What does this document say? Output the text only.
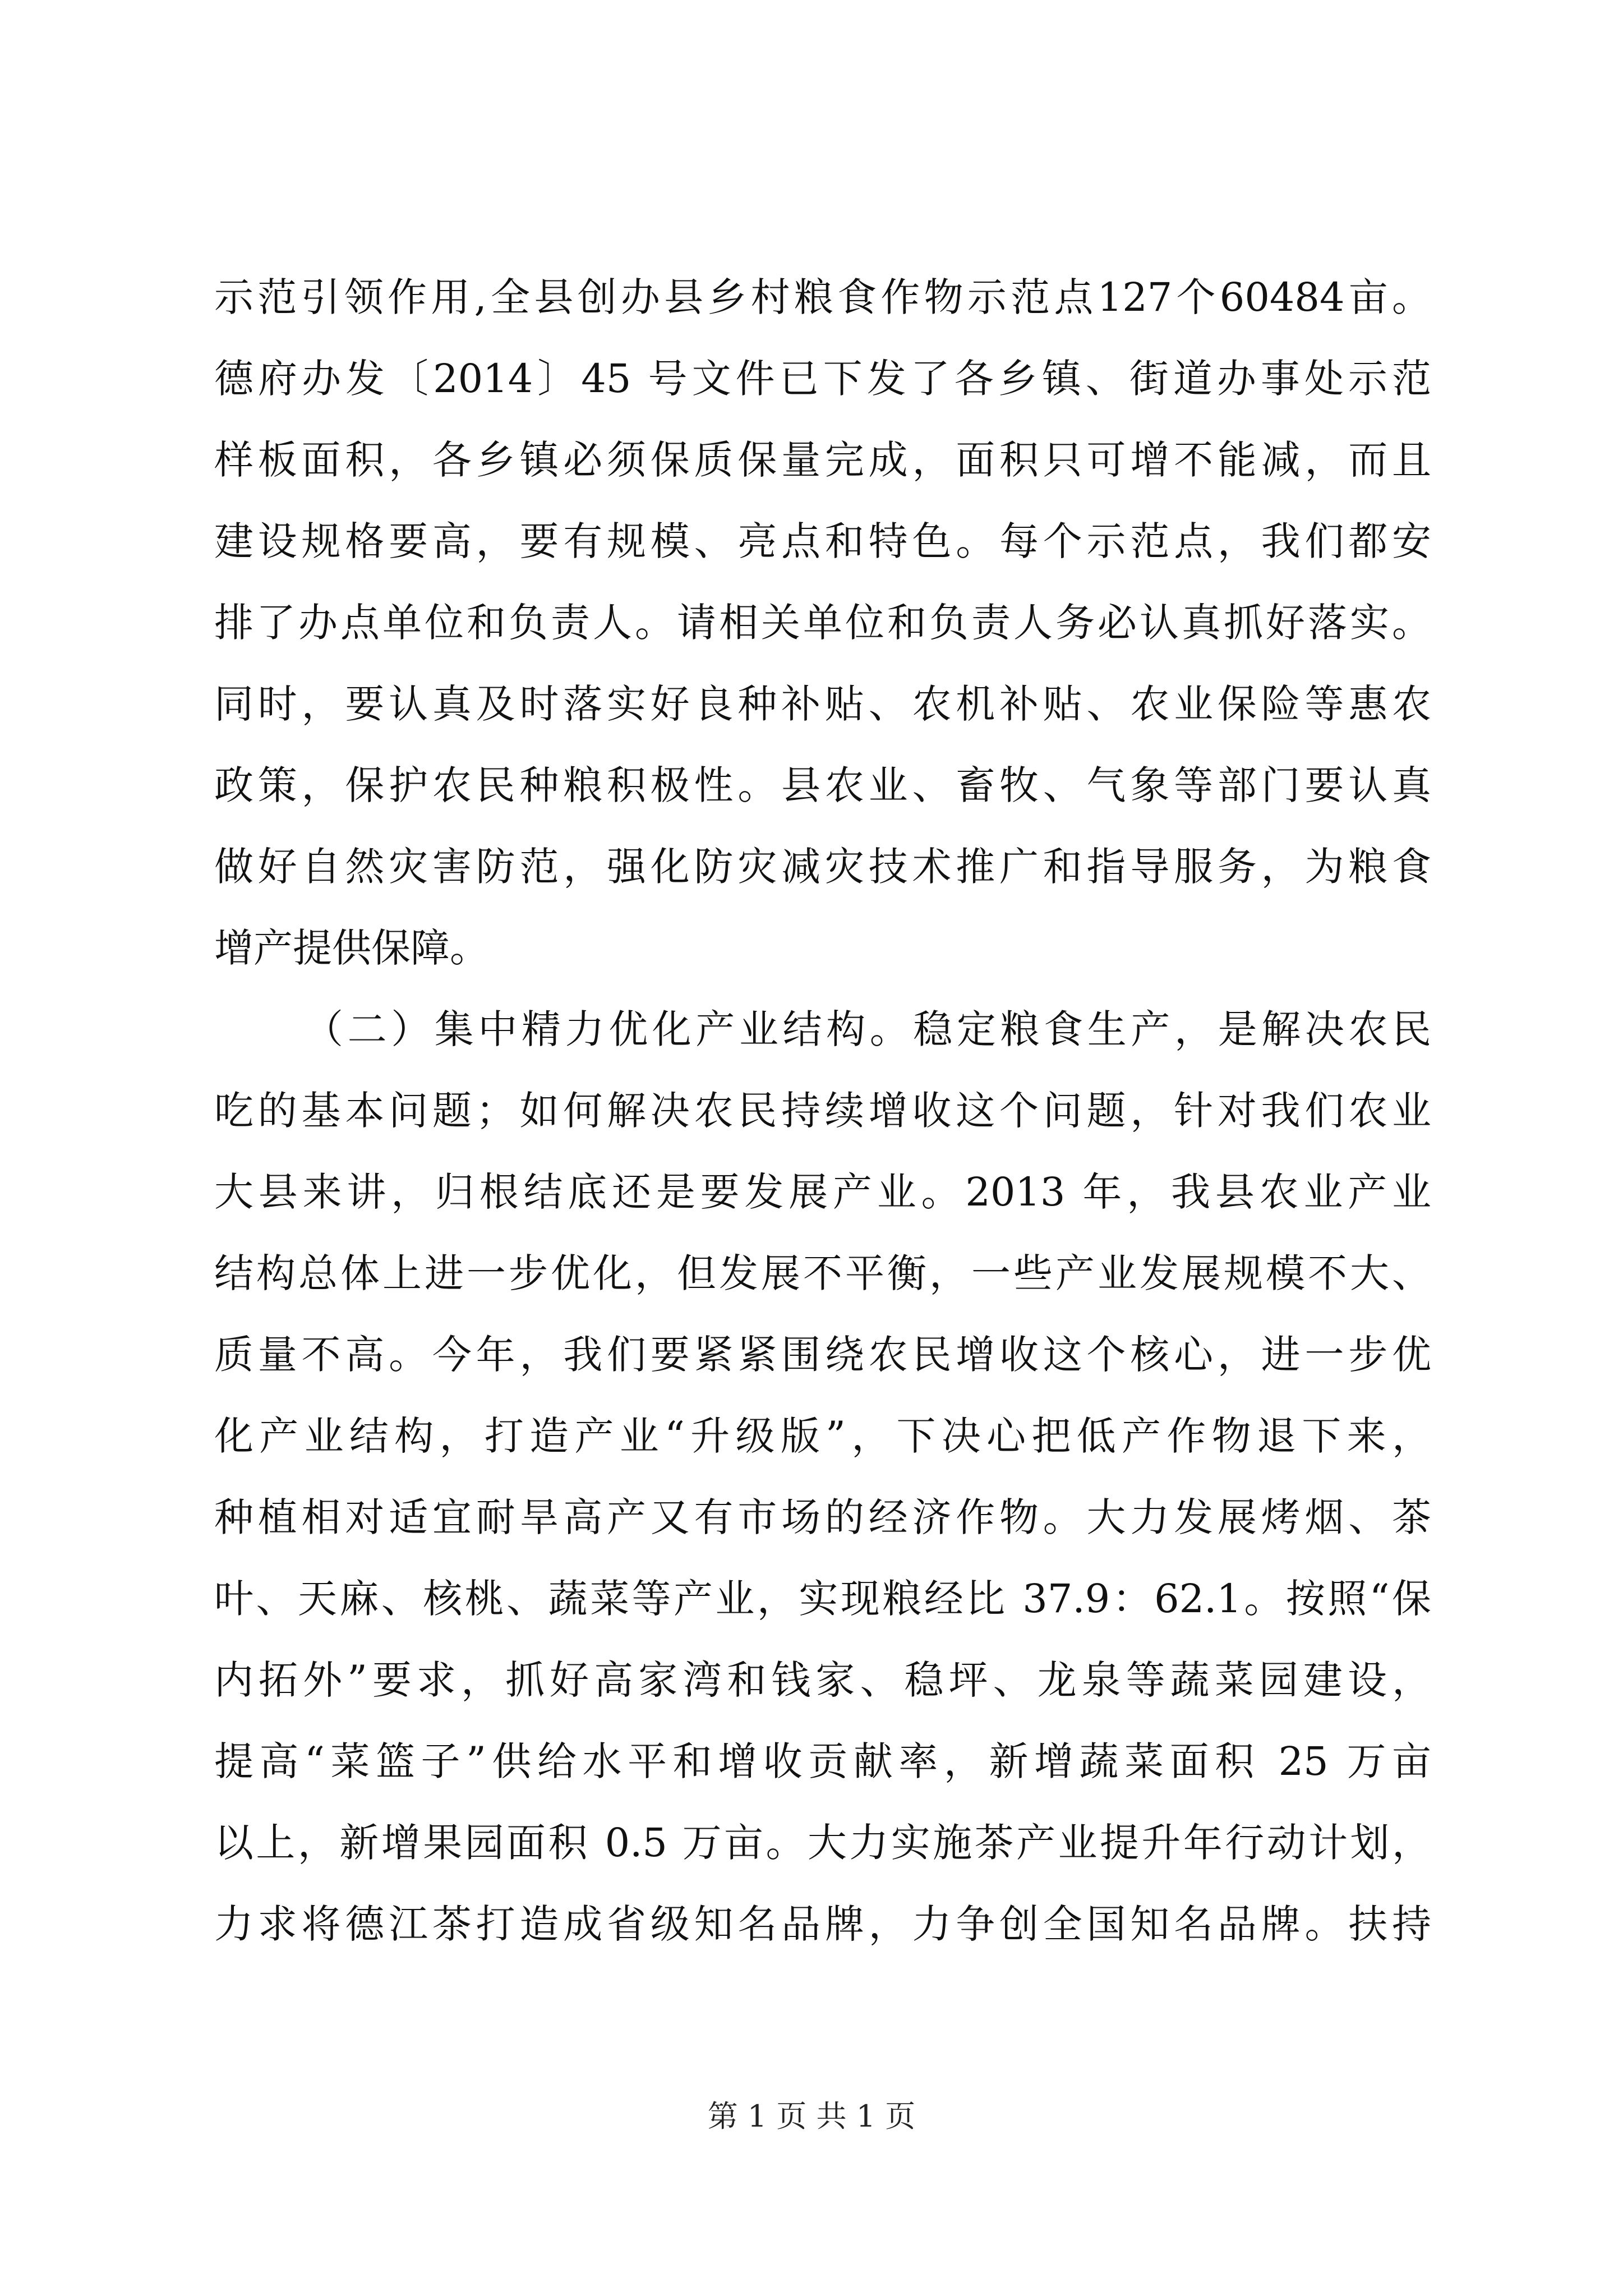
示范引领作用,全县创办县乡村粮食作物示范点127个60484亩。
德府办发〔2014〕45 号文件已下发了各乡镇、街道办事处示范
样板面积，各乡镇必须保质保量完成，面积只可增不能减，而且
建设规格要高，要有规模、亮点和特色。每个示范点，我们都安
排了办点单位和负责人。请相关单位和负责人务必认真抓好落实。
同时，要认真及时落实好良种补贴、农机补贴、农业保险等惠农
政策，保护农民种粮积极性。县农业、畜牧、气象等部门要认真
做好自然灾害防范，强化防灾减灾技术推广和指导服务，为粮食
增产提供保障。
（二）集中精力优化产业结构。稳定粮食生产，是解决农民
吃的基本问题；如何解决农民持续增收这个问题，针对我们农业
大县来讲，归根结底还是要发展产业。2013 年，我县农业产业
结构总体上进一步优化，但发展不平衡，一些产业发展规模不大、
质量不高。今年，我们要紧紧围绕农民增收这个核心，进一步优
化产业结构，打造产业“升级版”，下决心把低产作物退下来，
种植相对适宜耐旱高产又有市场的经济作物。大力发展烤烟、茶
叶、天麻、核桃、蔬菜等产业，实现粮经比 37.9：62.1。按照“保
内拓外”要求，抓好高家湾和钱家、稳坪、龙泉等蔬菜园建设，
提高“菜篮子”供给水平和增收贡献率，新增蔬菜面积 25 万亩
以上，新增果园面积 0.5 万亩。大力实施茶产业提升年行动计划，
力求将德江茶打造成省级知名品牌，力争创全国知名品牌。扶持
第 1 页 共 1 页
